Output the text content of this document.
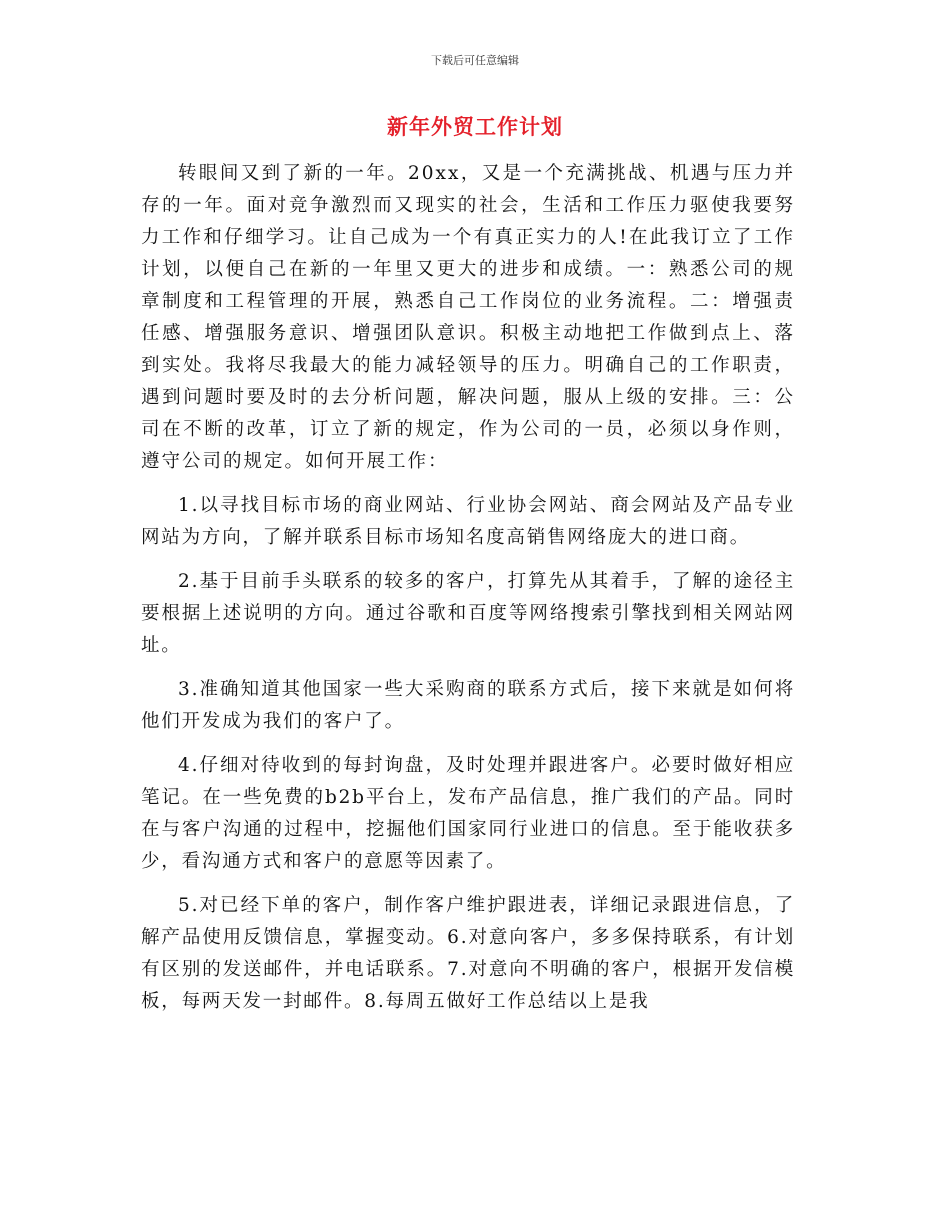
下载后可任意编辑
新年外贸工作计划

转眼间又到了新的一年。20xx，又是一个充满挑战、机遇与压力并存的一年。面对竞争激烈而又现实的社会，生活和工作压力驱使我要努力工作和仔细学习。让自己成为一个有真正实力的人!在此我订立了工作计划，以便自己在新的一年里又更大的进步和成绩。一：熟悉公司的规章制度和工程管理的开展，熟悉自己工作岗位的业务流程。二：增强责任感、增强服务意识、增强团队意识。积极主动地把工作做到点上、落到实处。我将尽我最大的能力减轻领导的压力。明确自己的工作职责，遇到问题时要及时的去分析问题，解决问题，服从上级的安排。三：公司在不断的改革，订立了新的规定，作为公司的一员，必须以身作则，遵守公司的规定。如何开展工作：

1.以寻找目标市场的商业网站、行业协会网站、商会网站及产品专业网站为方向，了解并联系目标市场知名度高销售网络庞大的进口商。

2.基于目前手头联系的较多的客户，打算先从其着手，了解的途径主要根据上述说明的方向。通过谷歌和百度等网络搜索引擎找到相关网站网址。

3.准确知道其他国家一些大采购商的联系方式后，接下来就是如何将他们开发成为我们的客户了。

4.仔细对待收到的每封询盘，及时处理并跟进客户。必要时做好相应笔记。在一些免费的b2b平台上，发布产品信息，推广我们的产品。同时在与客户沟通的过程中，挖掘他们国家同行业进口的信息。至于能收获多少，看沟通方式和客户的意愿等因素了。

5.对已经下单的客户，制作客户维护跟进表，详细记录跟进信息，了解产品使用反馈信息，掌握变动。6.对意向客户，多多保持联系，有计划有区别的发送邮件，并电话联系。7.对意向不明确的客户，根据开发信模板，每两天发一封邮件。8.每周五做好工作总结以上是我
